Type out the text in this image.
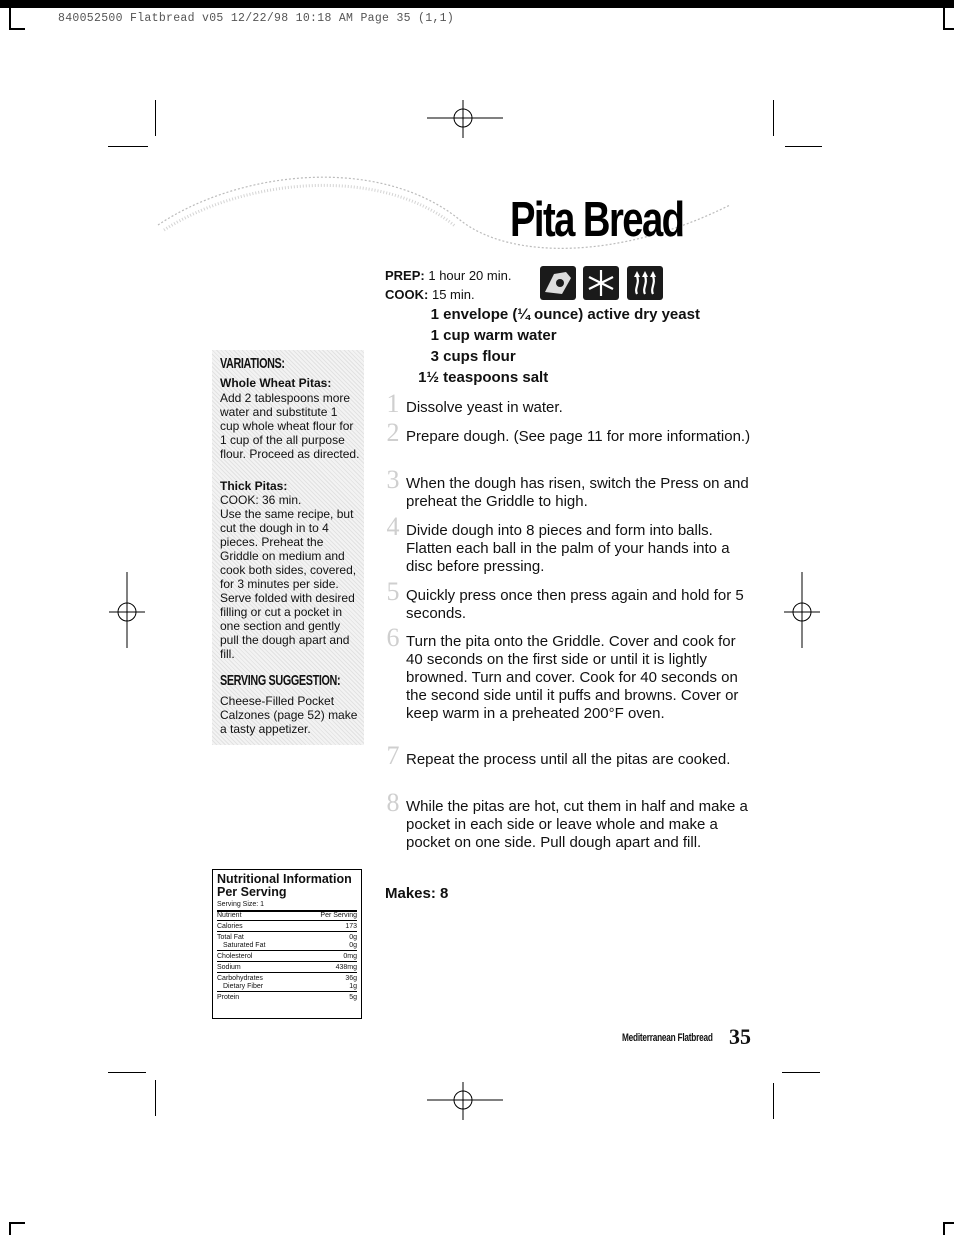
840052500 Flatbread v05 12/22/98 10:18 AM Page 35 (1,1)
Pita Bread
PREP: 1 hour 20 min.
COOK: 15 min.

1 envelope (¼ ounce) active dry yeast
1 cup warm water
3 cups flour
1½ teaspoons salt
1 Dissolve yeast in water.
2 Prepare dough. (See page 11 for more information.)
3 When the dough has risen, switch the Press on and preheat the Griddle to high.
4 Divide dough into 8 pieces and form into balls. Flatten each ball in the palm of your hands into a disc before pressing.
5 Quickly press once then press again and hold for 5 seconds.
6 Turn the pita onto the Griddle. Cover and cook for 40 seconds on the first side or until it is lightly browned. Turn and cover. Cook for 40 seconds on the second side until it puffs and browns. Cover or keep warm in a preheated 200°F oven.
7 Repeat the process until all the pitas are cooked.
8 While the pitas are hot, cut them in half and make a pocket in each side or leave whole and make a pocket on one side. Pull dough apart and fill.
Makes: 8
VARIATIONS:
Whole Wheat Pitas:
Add 2 tablespoons more water and substitute 1 cup whole wheat flour for 1 cup of the all purpose flour. Proceed as directed.
Thick Pitas:
COOK: 36 min.
Use the same recipe, but cut the dough in to 4 pieces. Preheat the Griddle on medium and cook both sides, covered, for 3 minutes per side. Serve folded with desired filling or cut a pocket in one section and gently pull the dough apart and fill.
SERVING SUGGESTION:
Cheese-Filled Pocket Calzones (page 52) make a tasty appetizer.
Nutritional Information Per Serving
Serving Size: 1
Nutrient	Per Serving
Calories	173
Total Fat	0g
Saturated Fat	0g
Cholesterol	0mg
Sodium	438mg
Carbohydrates	36g
Dietary Fiber	1g
Protein	5g
Mediterranean Flatbread 35
